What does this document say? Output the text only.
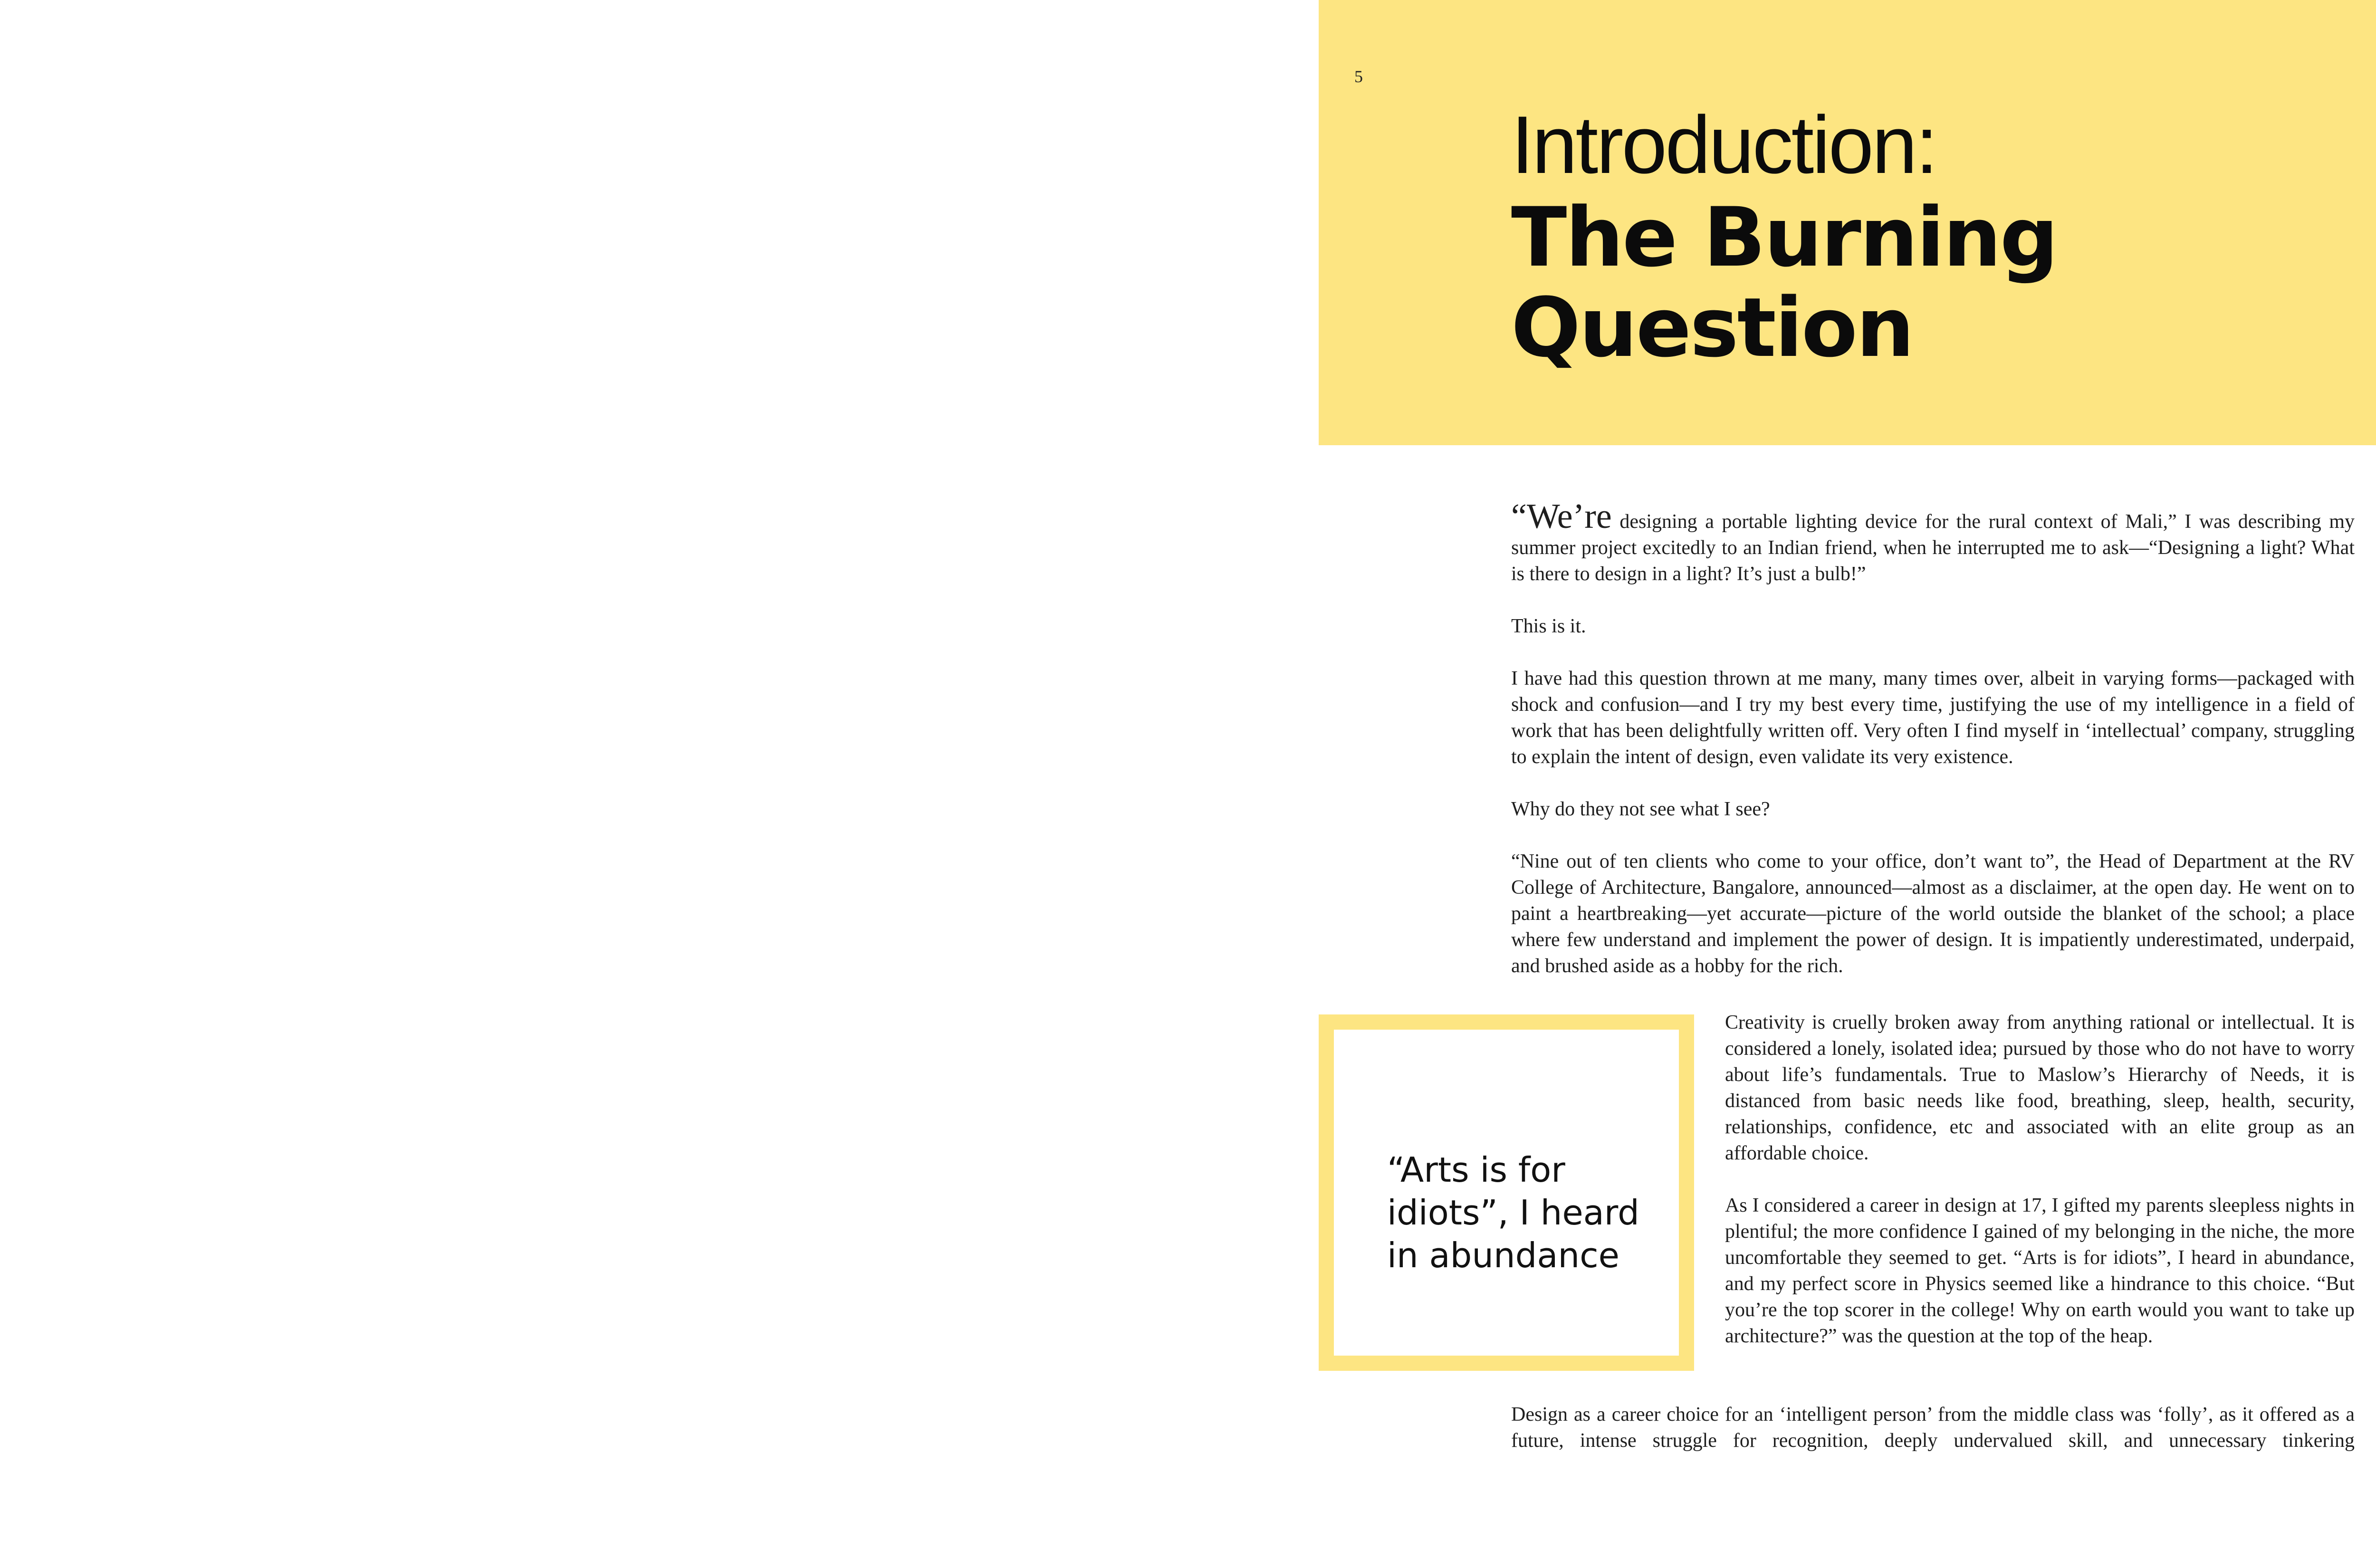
5
Introduction:
The Burning
Question

“We’re designing a portable lighting device for the rural context of Mali,” I was describing my summer project excitedly to an Indian friend, when he interrupted me to ask—“Designing a light? What is there to design in a light? It’s just a bulb!”

This is it.

I have had this question thrown at me many, many times over, albeit in varying forms—packaged with shock and confusion—and I try my best every time, justifying the use of my intelligence in a field of work that has been delightfully written off. Very often I find myself in ‘intellectual’ company, struggling to explain the intent of design, even validate its very existence.

Why do they not see what I see?

“Nine out of ten clients who come to your office, don’t want to”, the Head of Department at the RV College of Architecture, Bangalore, announced—almost as a disclaimer, at the open day. He went on to paint a heartbreaking—yet accurate—picture of the world outside the blanket of the school; a place where few understand and implement the power of design. It is impatiently underestimated, underpaid, and brushed aside as a hobby for the rich.

“Arts is for idiots”, I heard in abundance

Creativity is cruelly broken away from anything rational or intellectual. It is considered a lonely, isolated idea; pursued by those who do not have to worry about life’s fundamentals. True to Maslow’s Hierarchy of Needs, it is distanced from basic needs like food, breathing, sleep, health, security, relationships, confidence, etc and associated with an elite group as an affordable choice.

As I considered a career in design at 17, I gifted my parents sleepless nights in plentiful; the more confidence I gained of my belonging in the niche, the more uncomfortable they seemed to get. “Arts is for idiots”, I heard in abundance, and my perfect score in Physics seemed like a hindrance to this choice. “But you’re the top scorer in the college! Why on earth would you want to take up architecture?” was the question at the top of the heap.

Design as a career choice for an ‘intelligent person’ from the middle class was ‘folly’, as it offered as a future, intense struggle for recognition, deeply undervalued skill, and unnecessary tinkering
